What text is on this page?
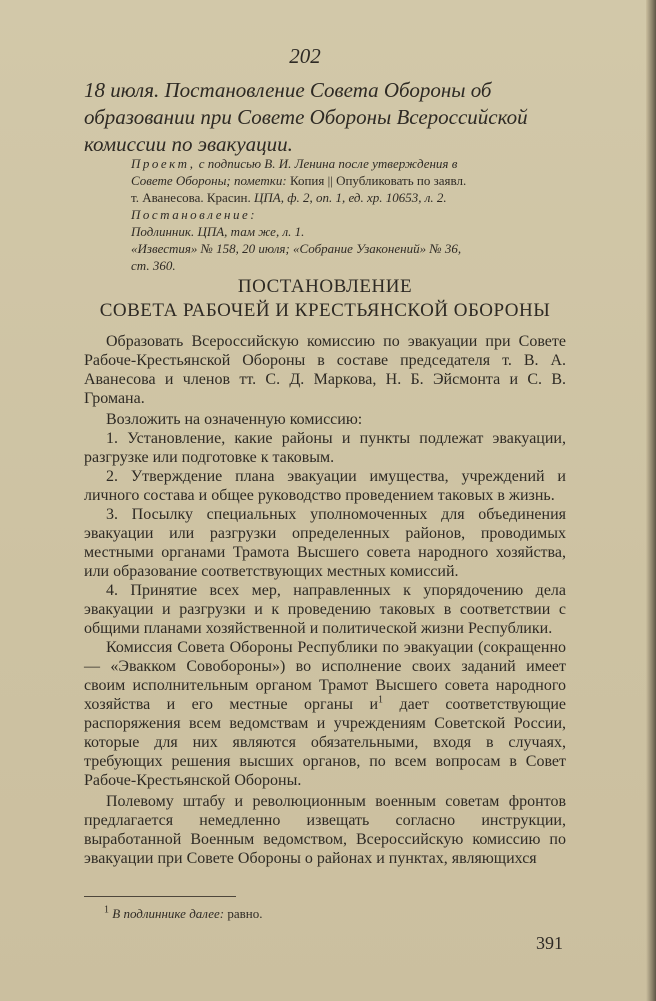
202
18 июля. Постановление Совета Обороны об образовании при Совете Обороны Всероссийской комиссии по эвакуации.
Проект, с подписью В. И. Ленина после утверждения в
Совете Обороны; пометки: Копия || Опубликовать по заявл.
т. Аванесова. Красин. ЦПА, ф. 2, оп. 1, ед. хр. 10653, л. 2.
Постановление:
Подлинник. ЦПА, там же, л. 1.
«Известия» № 158, 20 июля; «Собрание Узаконений» № 36,
ст. 360.
ПОСТАНОВЛЕНИЕ
СОВЕТА РАБОЧЕЙ И КРЕСТЬЯНСКОЙ ОБОРОНЫ

Образовать Всероссийскую комиссию по эвакуации при Совете Рабоче-Крестьянской Обороны в составе председателя т. В. А. Аванесова и членов тт. С. Д. Маркова, Н. Б. Эйсмонта и С. В. Громана.

Возложить на означенную комиссию:

1. Установление, какие районы и пункты подлежат эвакуации, разгрузке или подготовке к таковым.

2. Утверждение плана эвакуации имущества, учреждений и личного состава и общее руководство проведением таковых в жизнь.

3. Посылку специальных уполномоченных для объединения эвакуации или разгрузки определенных районов, проводимых местными органами Трамота Высшего совета народного хозяйства, или образование соответствующих местных комиссий.

4. Принятие всех мер, направленных к упорядочению дела эвакуации и разгрузки и к проведению таковых в соответствии с общими планами хозяйственной и политической жизни Республики.

Комиссия Совета Обороны Республики по эвакуации (сокращенно — «Эвакком Совобороны») во исполнение своих заданий имеет своим исполнительным органом Трамот Высшего совета народного хозяйства и его местные органы $и^1$ дает соответствующие распоряжения всем ведомствам и учреждениям Советской России, которые для них являются обязательными, входя в случаях, требующих решения высших органов, по всем вопросам в Совет Рабоче-Крестьянской Обороны.

Полевому штабу и революционным военным советам фронтов предлагается немедленно извещать согласно инструкции, выработанной Военным ведомством, Всероссийскую комиссию по эвакуации при Совете Обороны о районах и пунктах, являющихся

$^1$ В подлиннике далее: равно.
391
